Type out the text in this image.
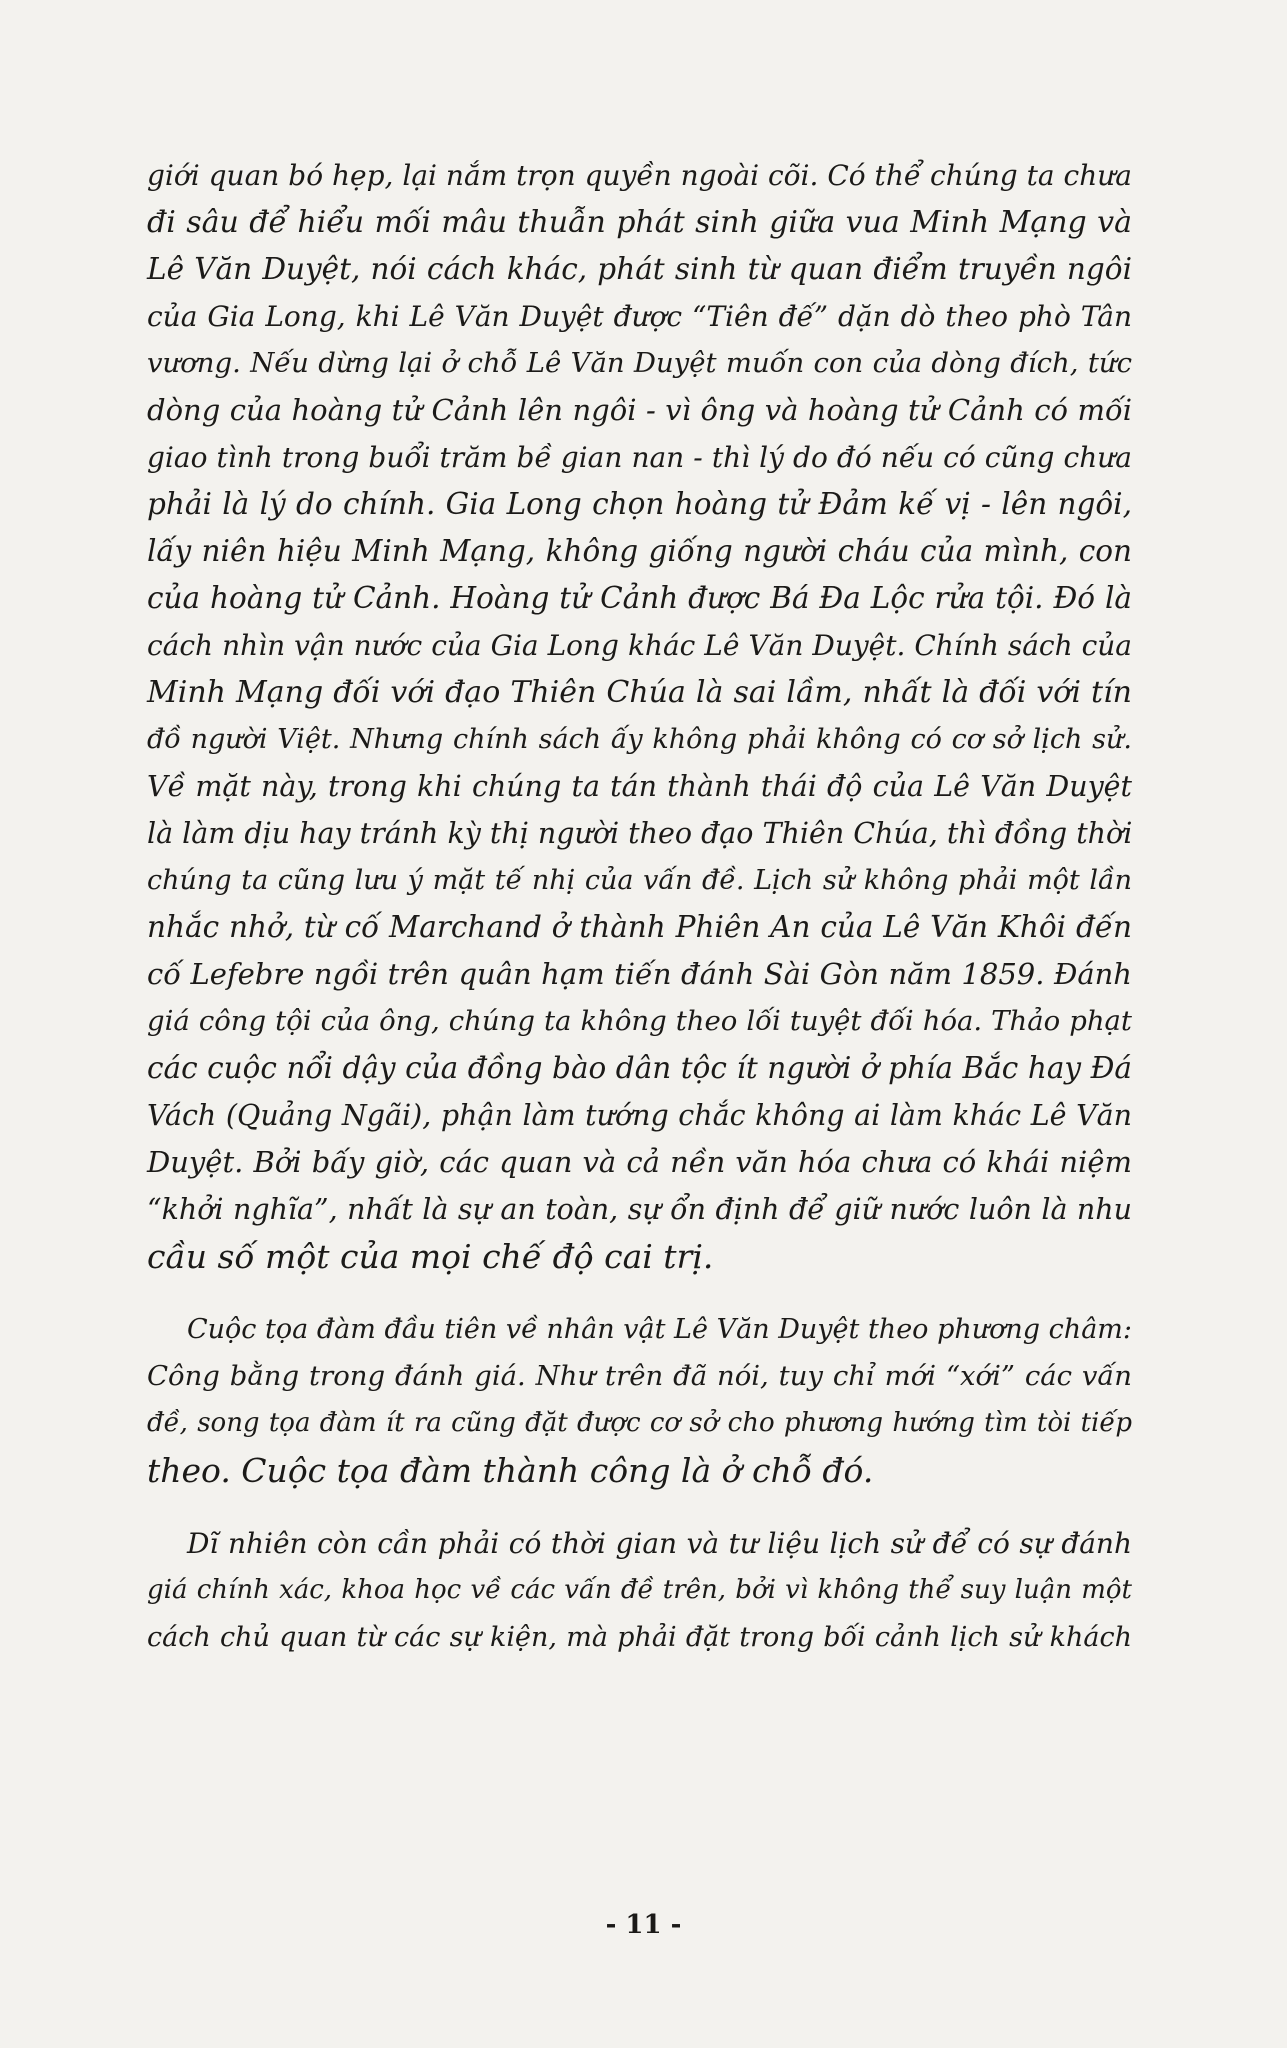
giới quan bó hẹp, lại nắm trọn quyền ngoài cõi. Có thể chúng ta chưa
đi sâu để hiểu mối mâu thuẫn phát sinh giữa vua Minh Mạng và
Lê Văn Duyệt, nói cách khác, phát sinh từ quan điểm truyền ngôi
của Gia Long, khi Lê Văn Duyệt được “Tiên đế” dặn dò theo phò Tân
vương. Nếu dừng lại ở chỗ Lê Văn Duyệt muốn con của dòng đích, tức
dòng của hoàng tử Cảnh lên ngôi - vì ông và hoàng tử Cảnh có mối
giao tình trong buổi trăm bề gian nan - thì lý do đó nếu có cũng chưa
phải là lý do chính. Gia Long chọn hoàng tử Đảm kế vị - lên ngôi,
lấy niên hiệu Minh Mạng, không giống người cháu của mình, con
của hoàng tử Cảnh. Hoàng tử Cảnh được Bá Đa Lộc rửa tội. Đó là
cách nhìn vận nước của Gia Long khác Lê Văn Duyệt. Chính sách của
Minh Mạng đối với đạo Thiên Chúa là sai lầm, nhất là đối với tín
đồ người Việt. Nhưng chính sách ấy không phải không có cơ sở lịch sử.
Về mặt này, trong khi chúng ta tán thành thái độ của Lê Văn Duyệt
là làm dịu hay tránh kỳ thị người theo đạo Thiên Chúa, thì đồng thời
chúng ta cũng lưu ý mặt tế nhị của vấn đề. Lịch sử không phải một lần
nhắc nhở, từ cố Marchand ở thành Phiên An của Lê Văn Khôi đến
cố Lefebre ngồi trên quân hạm tiến đánh Sài Gòn năm 1859. Đánh
giá công tội của ông, chúng ta không theo lối tuyệt đối hóa. Thảo phạt
các cuộc nổi dậy của đồng bào dân tộc ít người ở phía Bắc hay Đá
Vách (Quảng Ngãi), phận làm tướng chắc không ai làm khác Lê Văn
Duyệt. Bởi bấy giờ, các quan và cả nền văn hóa chưa có khái niệm
“khởi nghĩa”, nhất là sự an toàn, sự ổn định để giữ nước luôn là nhu
cầu số một của mọi chế độ cai trị.
Cuộc tọa đàm đầu tiên về nhân vật Lê Văn Duyệt theo phương châm:
Công bằng trong đánh giá. Như trên đã nói, tuy chỉ mới “xới” các vấn
đề, song tọa đàm ít ra cũng đặt được cơ sở cho phương hướng tìm tòi tiếp
theo. Cuộc tọa đàm thành công là ở chỗ đó.
Dĩ nhiên còn cần phải có thời gian và tư liệu lịch sử để có sự đánh
giá chính xác, khoa học về các vấn đề trên, bởi vì không thể suy luận một
cách chủ quan từ các sự kiện, mà phải đặt trong bối cảnh lịch sử khách
- 11 -
